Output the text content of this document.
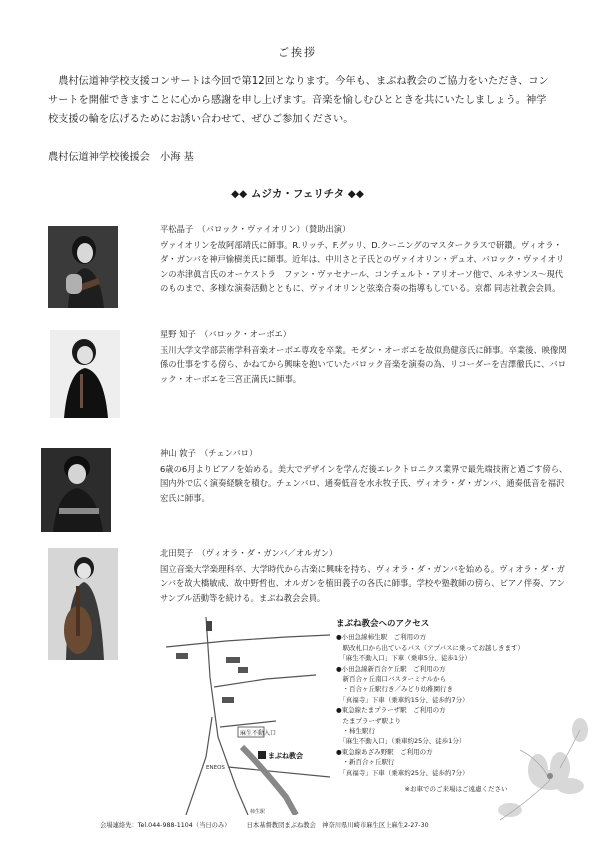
ご挨拶
農村伝道神学校支援コンサートは今回で第12回となります。今年も、まぶね教会のご協力をいただき、コンサートを開催できますことに心から感謝を申し上げます。音楽を愉しむひとときを共にいたしましょう。神学校支援の輪を広げるためにお誘い合わせて、ぜひご参加ください。
農村伝道神学校後援会　小海 基
◆◆ ムジカ・フェリチタ ◆◆
平松晶子　 （バロック・ヴァイオリン）（賛助出演）
ヴァイオリンを故阿部靖氏に師事。R.リッチ、F.グッリ、D.クーニングのマスタークラスで研鑽。ヴィオラ・ダ・ガンバを神戸愉樹美氏に師事。近年は、中川さと子氏とのヴァイオリン・デュオ、バロック・ヴァイオリンの赤津眞言氏のオーケストラ　ファン・ヴァセナール、コンチェルト・アリオーソ他で、ルネサンス〜現代のものまで、多様な演奏活動とともに、ヴァイオリンと弦楽合奏の指導もしている。京都 同志社教会会員。
星野 知子　 （バロック・オーボエ）
玉川大学文学部芸術学科音楽オーボエ専攻を卒業。モダン・オーボエを故似鳥健彦氏に師事。卒業後、映像関係の仕事をする傍ら、かねてから興味を抱いていたバロック音楽を演奏の為、リコーダーを吉澤徹氏に、バロック・オーボエを三宮正満氏に師事。
神山 敦子　 （チェンバロ）
6歳の6月よりピアノを始める。美大でデザインを学んだ後エレクトロニクス業界で最先端技術と過ごす傍ら、国内外で広く演奏経験を積む。チェンバロ、通奏低音を水永牧子氏、ヴィオラ・ダ・ガンバ、通奏低音を福沢宏氏に師事。
北田契子　 （ヴィオラ・ダ・ガンバ／オルガン）
国立音楽大学楽理科卒、大学時代から古楽に興味を持ち、ヴィオラ・ダ・ガンバを始める。ヴィオラ・ダ・ガンバを故大橋敏成、故中野哲也、オルガンを植田義子の各氏に師事。学校や塾教師の傍ら、ピアノ伴奏、アンサンブル活動等を続ける。まぶね教会会員。
麻生不動入口
まぶね教会
ENEOS
柿生駅
まぶね教会へのアクセス
●小田急線柿生駅　ご利用の方
　駅改札口から出ているバス（アプバスに乗ってお越しきます）
　「麻生不動入口」下車（乗車5分、徒歩1分）
●小田急線新百合ケ丘駅　ご利用の方
　新百合ヶ丘南口バスターミナルから
　・百合ヶ丘駅行き／みどり幼稚園行き
　「真福寺」下車（乗車約15分、徒歩約7分）
●東急線たまプラーザ駅　ご利用の方
　たまプラーザ駅より
　・柿生駅行
　「麻生不動入口」（乗車約25分、徒歩1分）
●東急線あざみ野駅　ご利用の方
　・新百合ヶ丘駅行
　「真福寺」下車（乗車約25分、徒歩約7分）
※お車でのご来場はご遠慮ください
会場連絡先：Tel.044-988-1104（当日のみ）	日本基督教団まぶね教会　神奈川県川崎市麻生区上麻生2-27-30
